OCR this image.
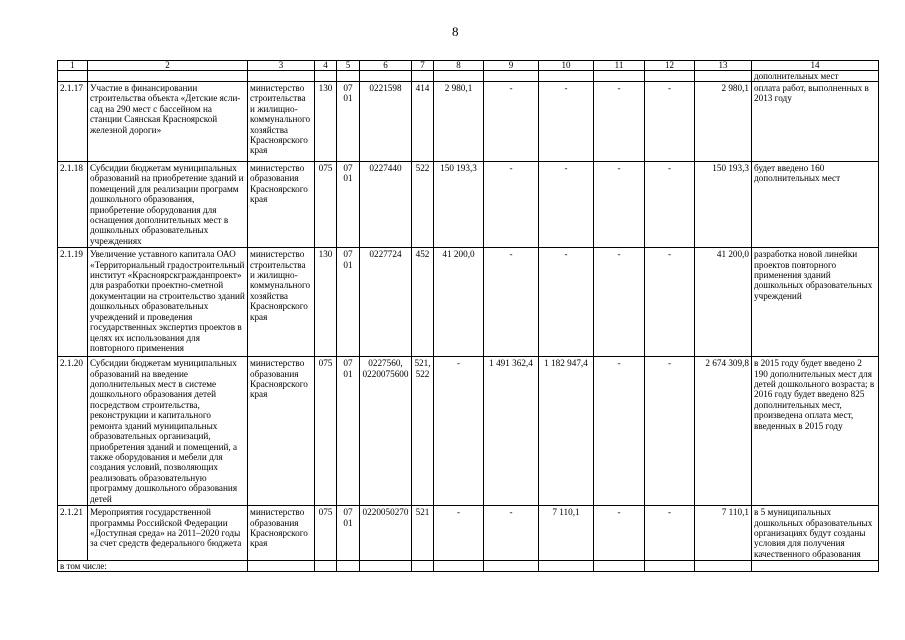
8
1	2	3	4	5	6	7	8	9	10	11	12	13	14
													дополнительных мест
2.1.17	Участие в финансировании строительства объекта «Детские ясли-сад на 290 мест с бассейном на станции Саянская Красноярской железной дороги»	министерство строительства и жилищно-коммунального хозяйства Красноярского края	130	07 01	0221598	414	2 980,1	-	-	-	-	2 980,1	оплата работ, выполненных в 2013 году
2.1.18	Субсидии бюджетам муниципальных образований на приобретение зданий и помещений для реализации программ дошкольного образования, приобретение оборудования для оснащения дополнительных мест в дошкольных образовательных учреждениях	министерство образования Красноярского края	075	07 01	0227440	522	150 193,3	-	-	-	-	150 193,3	будет введено 160 дополнительных мест
2.1.19	Увеличение уставного капитала ОАО «Территориальный градостроительный институт «Красноярскгражданпроект» для разработки проектно-сметной документации на строительство зданий дошкольных образовательных учреждений и проведения государственных экспертиз проектов в целях их использования для повторного применения	министерство строительства и жилищно-коммунального хозяйства Красноярского края	130	07 01	0227724	452	41 200,0	-	-	-	-	41 200,0	разработка новой линейки проектов повторного применения зданий дошкольных образовательных учреждений
2.1.20	Субсидии бюджетам муниципальных образований на введение дополнительных мест в системе дошкольного образования детей посредством строительства, реконструкции и капитального ремонта зданий муниципальных образовательных организаций, приобретения зданий и помещений, а также оборудования и мебели для создания условий, позволяющих реализовать образовательную программу дошкольного образования детей	министерство образования Красноярского края	075	07 01	0227560, 0220075600	521, 522	-	1 491 362,4	1 182 947,4	-	-	2 674 309,8	в 2015 году будет введено 2 190 дополнительных мест для детей дошкольного возраста; в 2016 году будет введено 825 дополнительных мест, произведена оплата мест, введенных в 2015 году
2.1.21	Мероприятия государственной программы Российской Федерации «Доступная среда» на 2011–2020 годы за счет средств федерального бюджета	министерство образования Красноярского края	075	07 01	0220050270	521	-	-	7 110,1	-	-	7 110,1	в 5 муниципальных дошкольных образовательных организациях будут созданы условия для получения качественного образования
в том числе:													
